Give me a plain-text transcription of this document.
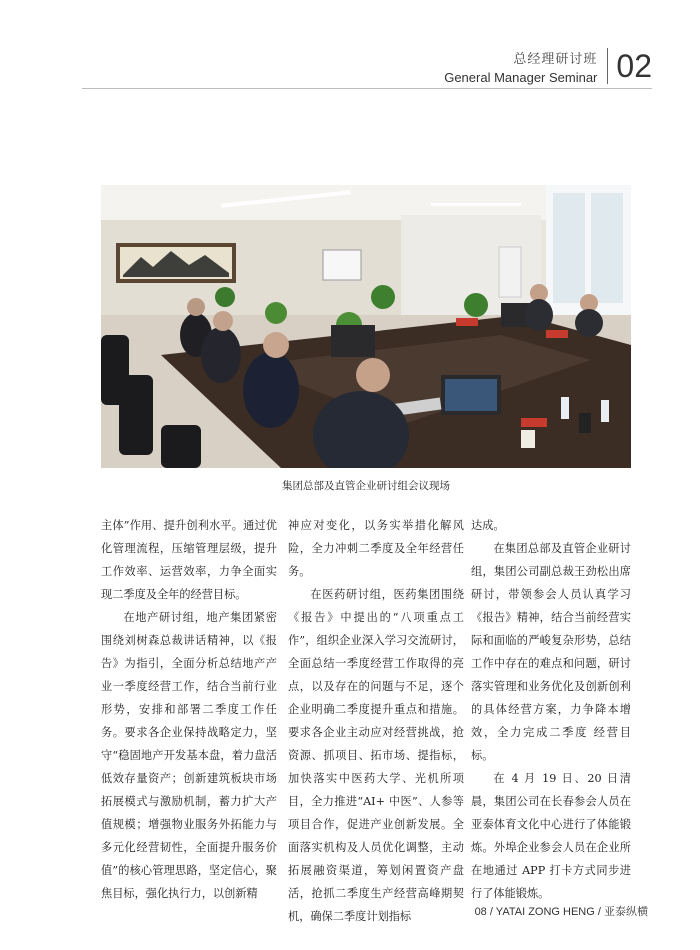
总经理研讨班
General Manager Seminar 02
集团总部及直管企业研讨组会议现场

主体”作用、提升创利水平。通过优化管理流程，压缩管理层级，提升工作效率、运营效率，力争全面实现二季度及全年的经营目标。

在地产研讨组，地产集团紧密围绕刘树森总裁讲话精神，以《报告》为指引，全面分析总结地产产业一季度经营工作，结合当前行业形势，安排和部署二季度工作任务。要求各企业保持战略定力，坚守“稳固地产开发基本盘，着力盘活低效存量资产；创新建筑板块市场拓展模式与激励机制，蓄力扩大产值规模；增强物业服务外拓能力与多元化经营韧性，全面提升服务价值”的核心管理思路，坚定信心，聚焦目标，强化执行力，以创新精

神应对变化，以务实举措化解风险，全力冲刺二季度及全年经营任务。

在医药研讨组，医药集团围绕《报告》中提出的“八项重点工作”，组织企业深入学习交流研讨，全面总结一季度经营工作取得的亮点，以及存在的问题与不足，逐个企业明确二季度提升重点和措施。要求各企业主动应对经营挑战，抢资源、抓项目、拓市场、提指标，加快落实中医药大学、光机所项目，全力推进“AI+ 中医”、人参等项目合作，促进产业创新发展。全面落实机构及人员优化调整，主动拓展融资渠道，筹划闲置资产盘活，抢抓二季度生产经营高峰期契机，确保二季度计划指标

达成。

在集团总部及直管企业研讨组，集团公司副总裁王劲松出席研讨，带领参会人员认真学习《报告》精神，结合当前经营实际和面临的严峻复杂形势，总结工作中存在的难点和问题，研讨落实管理和业务优化及创新创利的具体经营方案，力争降本增效，全力完成二季度 经营目标。

在 4 月 19 日、20 日清晨，集团公司在长春参会人员在亚泰体育文化中心进行了体能锻炼。外埠企业参会人员在企业所在地通过 APP 打卡方式同步进行了体能锻炼。

08 / YATAI ZONG HENG / 亚泰纵横
